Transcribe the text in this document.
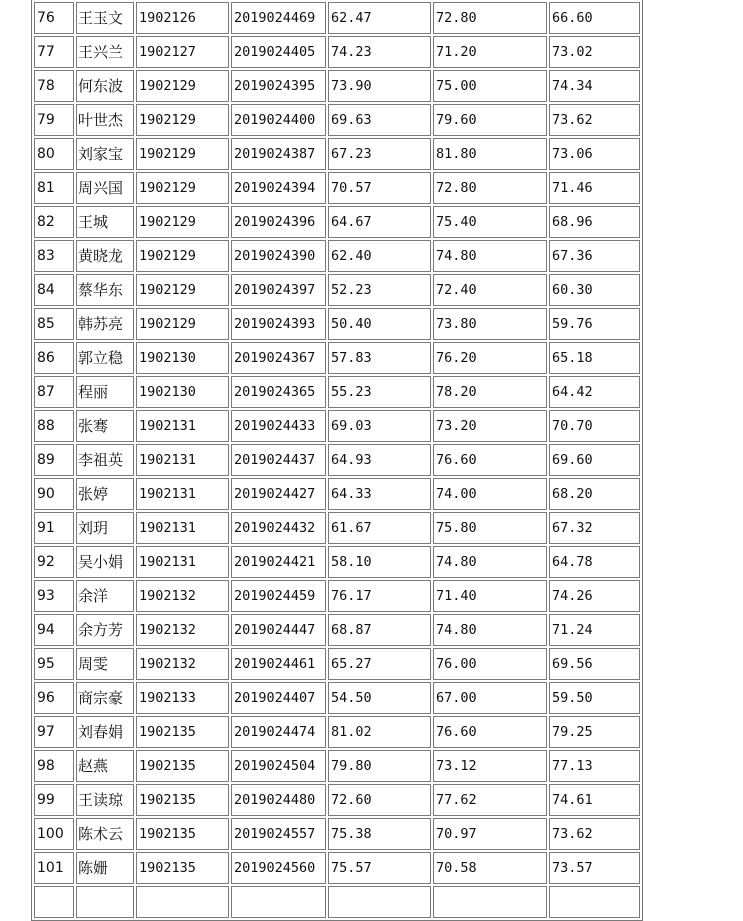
76	王玉文	1902126	2019024469	62.47	72.80	66.60
77	王兴兰	1902127	2019024405	74.23	71.20	73.02
78	何东波	1902129	2019024395	73.90	75.00	74.34
79	叶世杰	1902129	2019024400	69.63	79.60	73.62
80	刘家宝	1902129	2019024387	67.23	81.80	73.06
81	周兴国	1902129	2019024394	70.57	72.80	71.46
82	王城	1902129	2019024396	64.67	75.40	68.96
83	黄晓龙	1902129	2019024390	62.40	74.80	67.36
84	蔡华东	1902129	2019024397	52.23	72.40	60.30
85	韩苏亮	1902129	2019024393	50.40	73.80	59.76
86	郭立稳	1902130	2019024367	57.83	76.20	65.18
87	程丽	1902130	2019024365	55.23	78.20	64.42
88	张骞	1902131	2019024433	69.03	73.20	70.70
89	李祖英	1902131	2019024437	64.93	76.60	69.60
90	张婷	1902131	2019024427	64.33	74.00	68.20
91	刘玥	1902131	2019024432	61.67	75.80	67.32
92	吴小娟	1902131	2019024421	58.10	74.80	64.78
93	余洋	1902132	2019024459	76.17	71.40	74.26
94	余方芳	1902132	2019024447	68.87	74.80	71.24
95	周雯	1902132	2019024461	65.27	76.00	69.56
96	商宗豪	1902133	2019024407	54.50	67.00	59.50
97	刘春娟	1902135	2019024474	81.02	76.60	79.25
98	赵燕	1902135	2019024504	79.80	73.12	77.13
99	王读琼	1902135	2019024480	72.60	77.62	74.61
100	陈术云	1902135	2019024557	75.38	70.97	73.62
101	陈姗	1902135	2019024560	75.57	70.58	73.57
